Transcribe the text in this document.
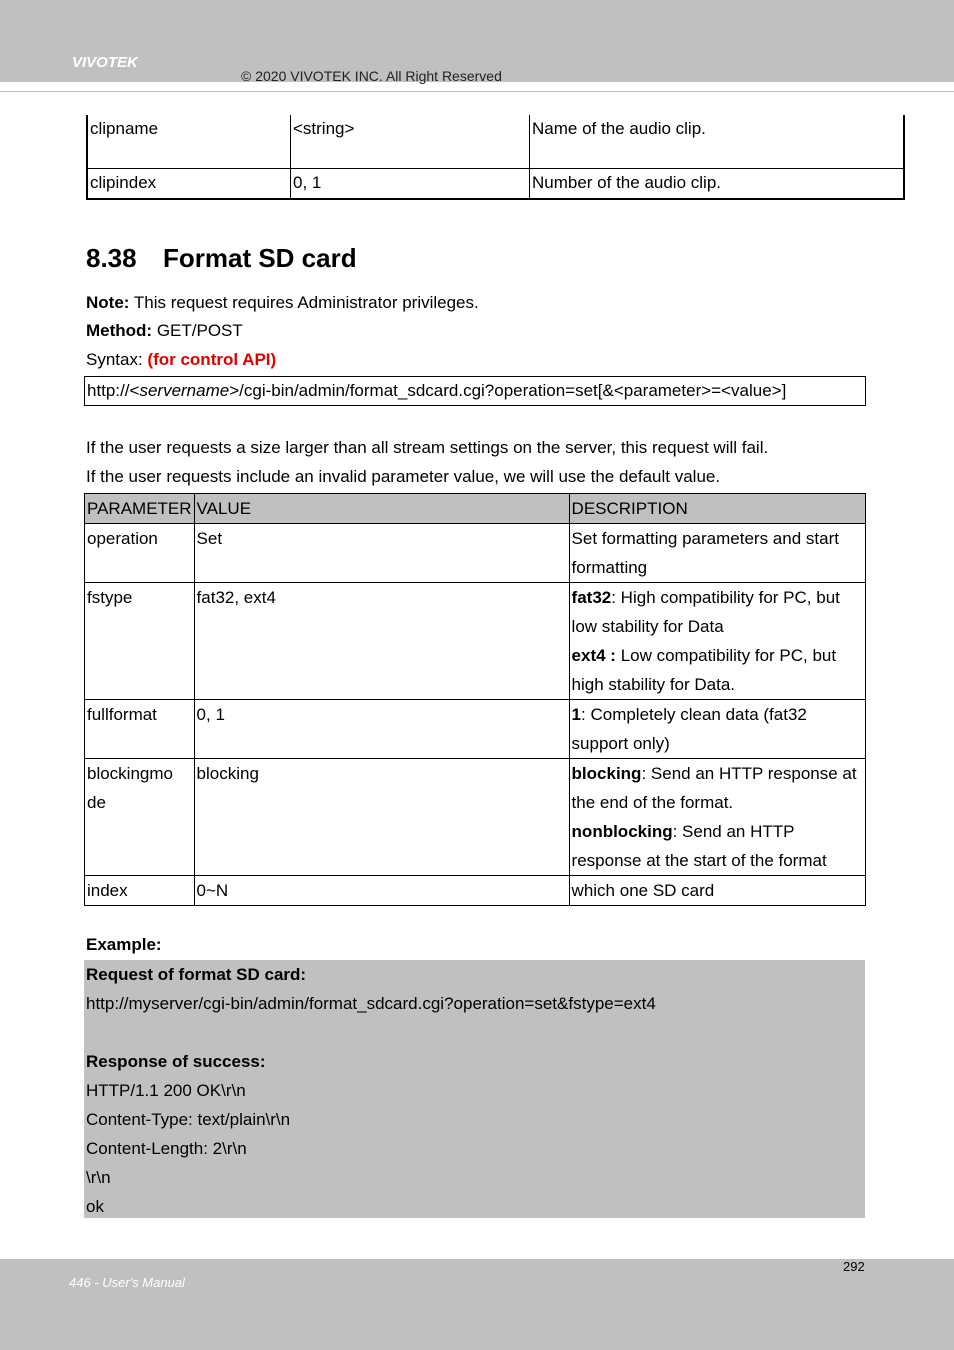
VIVOTEK
© 2020 VIVOTEK INC. All Right Reserved
clipname	<string>	Name of the audio clip.
clipindex	0, 1	Number of the audio clip.
8.38 Format SD card
Note: This request requires Administrator privileges.
Method: GET/POST
Syntax: (for control API)
http://<servername>/cgi-bin/admin/format_sdcard.cgi?operation=set[&<parameter>=<value>]
If the user requests a size larger than all stream settings on the server, this request will fail.
If the user requests include an invalid parameter value, we will use the default value.
PARAMETER	VALUE	DESCRIPTION
operation	Set	Set formatting parameters and start formatting
fstype	fat32, ext4	fat32: High compatibility for PC, but low stability for Data
ext4 : Low compatibility for PC, but high stability for Data.
fullformat	0, 1	1: Completely clean data (fat32 support only)
blockingmo
de	blocking	blocking: Send an HTTP response at the end of the format.
nonblocking: Send an HTTP response at the start of the format
index	0~N	which one SD card
Example:
Request of format SD card:
http://myserver/cgi-bin/admin/format_sdcard.cgi?operation=set&fstype=ext4
Response of success:
HTTP/1.1 200 OK\r\n
Content-Type: text/plain\r\n
Content-Length: 2\r\n
\r\n
ok
292
446 - User's Manual
